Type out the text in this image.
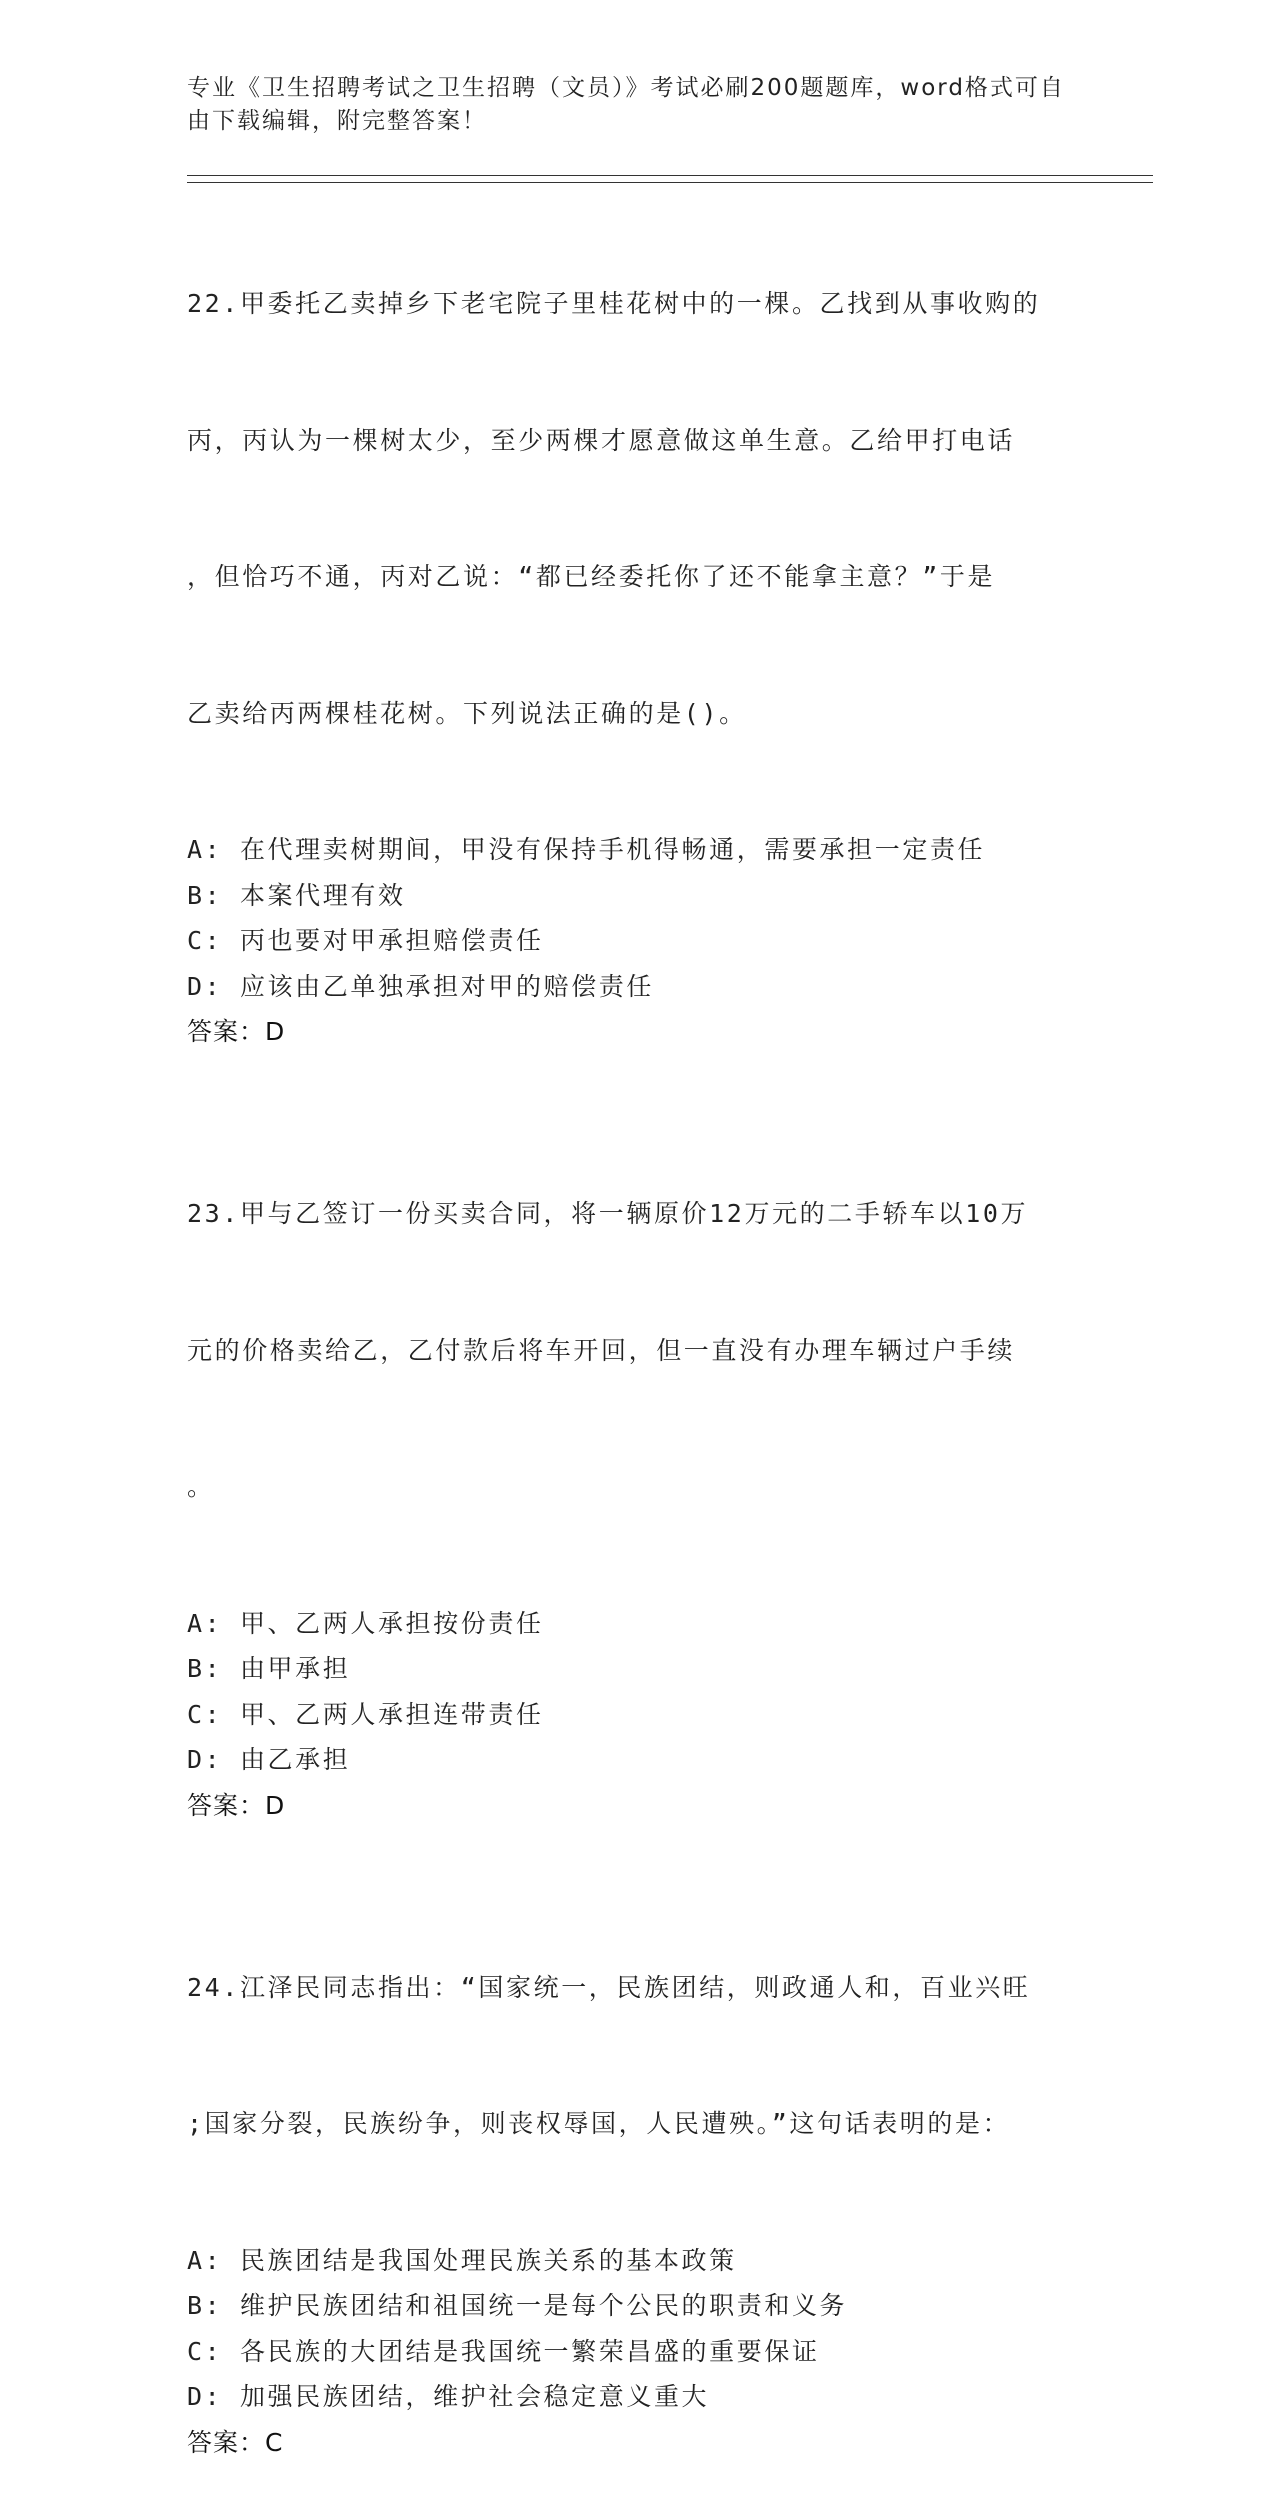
专业《卫生招聘考试之卫生招聘（文员）》考试必刷200题题库，word格式可自
由下载编辑，附完整答案！

22.甲委托乙卖掉乡下老宅院子里桂花树中的一棵。乙找到从事收购的

丙，丙认为一棵树太少，至少两棵才愿意做这单生意。乙给甲打电话

，但恰巧不通，丙对乙说：“都已经委托你了还不能拿主意？”于是

乙卖给丙两棵桂花树。下列说法正确的是()。

A: 在代理卖树期间，甲没有保持手机得畅通，需要承担一定责任
B: 本案代理有效
C: 丙也要对甲承担赔偿责任
D: 应该由乙单独承担对甲的赔偿责任
答案：D

23.甲与乙签订一份买卖合同，将一辆原价12万元的二手轿车以10万

元的价格卖给乙，乙付款后将车开回，但一直没有办理车辆过户手续

。

A: 甲、乙两人承担按份责任
B: 由甲承担
C: 甲、乙两人承担连带责任
D: 由乙承担
答案：D

24.江泽民同志指出：“国家统一，民族团结，则政通人和，百业兴旺

;国家分裂，民族纷争，则丧权辱国，人民遭殃。”这句话表明的是：

A: 民族团结是我国处理民族关系的基本政策
B: 维护民族团结和祖国统一是每个公民的职责和义务
C: 各民族的大团结是我国统一繁荣昌盛的重要保证
D: 加强民族团结，维护社会稳定意义重大
答案：C
